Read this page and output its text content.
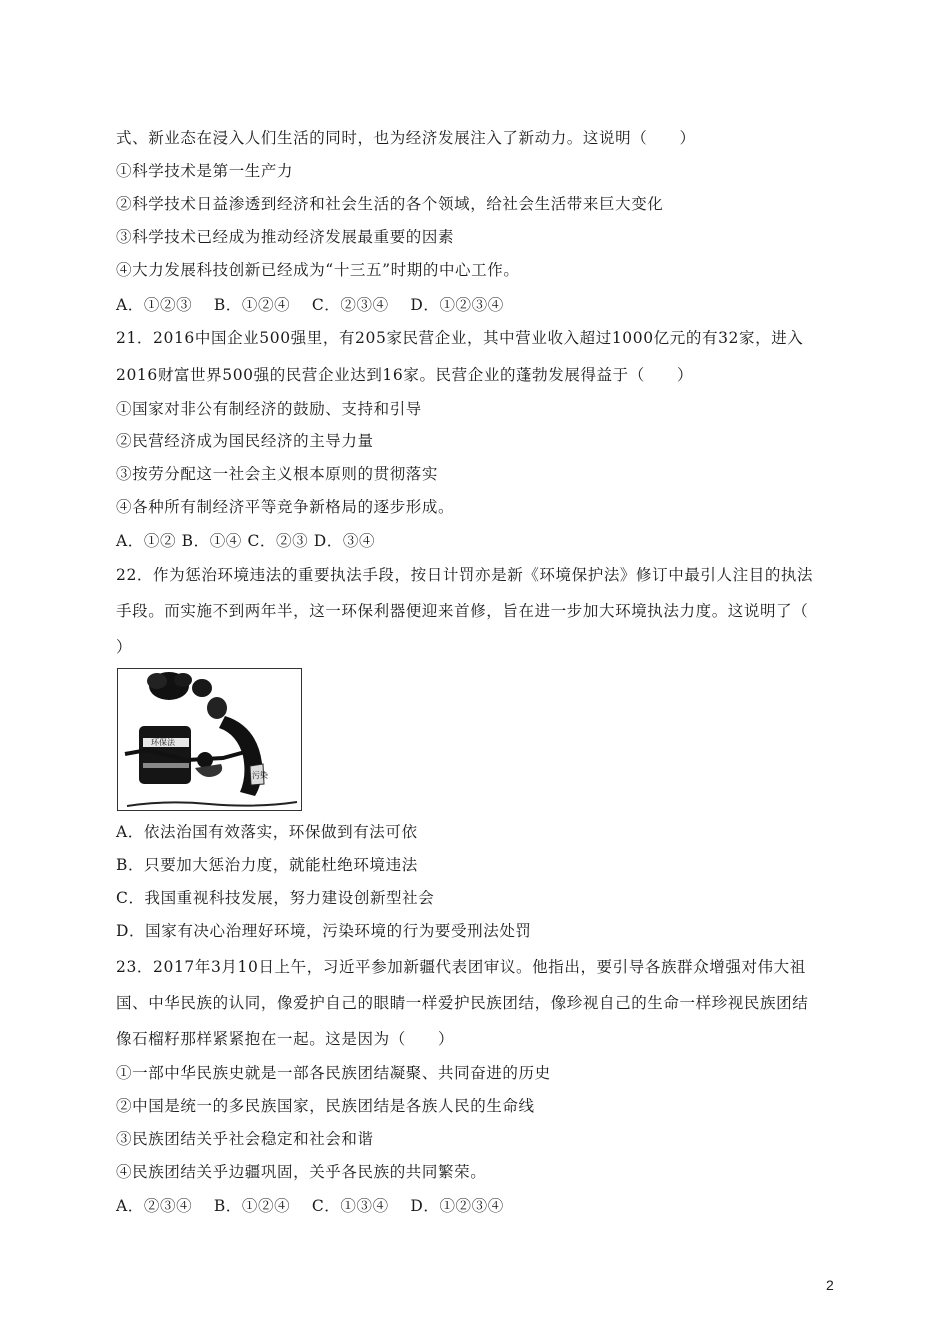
式、新业态在浸入人们生活的同时，也为经济发展注入了新动力。这说明（　　）
①科学技术是第一生产力
②科学技术日益渗透到经济和社会生活的各个领域，给社会生活带来巨大变化
③科学技术已经成为推动经济发展最重要的因素
④大力发展科技创新已经成为“十三五”时期的中心工作。
A．①②③　 B．①②④　 C．②③④　 D．①②③④
21．2016中国企业500强里，有205家民营企业，其中营业收入超过1000亿元的有32家，进入
2016财富世界500强的民营企业达到16家。民营企业的蓬勃发展得益于（　　）
①国家对非公有制经济的鼓励、支持和引导
②民营经济成为国民经济的主导力量
③按劳分配这一社会主义根本原则的贯彻落实
④各种所有制经济平等竞争新格局的逐步形成。
A．①② B．①④ C．②③ D．③④
22．作为惩治环境违法的重要执法手段，按日计罚亦是新《环境保护法》修订中最引人注目的执法
手段。而实施不到两年半，这一环保利器便迎来首修，旨在进一步加大环境执法力度。这说明了（
）
环保法
污染
A．依法治国有效落实，环保做到有法可依
B．只要加大惩治力度，就能杜绝环境违法
C．我国重视科技发展，努力建设创新型社会
D．国家有决心治理好环境，污染环境的行为要受刑法处罚
23．2017年3月10日上午，习近平参加新疆代表团审议。他指出，要引导各族群众增强对伟大祖
国、中华民族的认同，像爱护自己的眼睛一样爱护民族团结，像珍视自己的生命一样珍视民族团结
像石榴籽那样紧紧抱在一起。这是因为（　　）
①一部中华民族史就是一部各民族团结凝聚、共同奋进的历史
②中国是统一的多民族国家，民族团结是各族人民的生命线
③民族团结关乎社会稳定和社会和谐
④民族团结关乎边疆巩固，关乎各民族的共同繁荣。
A．②③④　 B．①②④　 C．①③④　 D．①②③④
2
